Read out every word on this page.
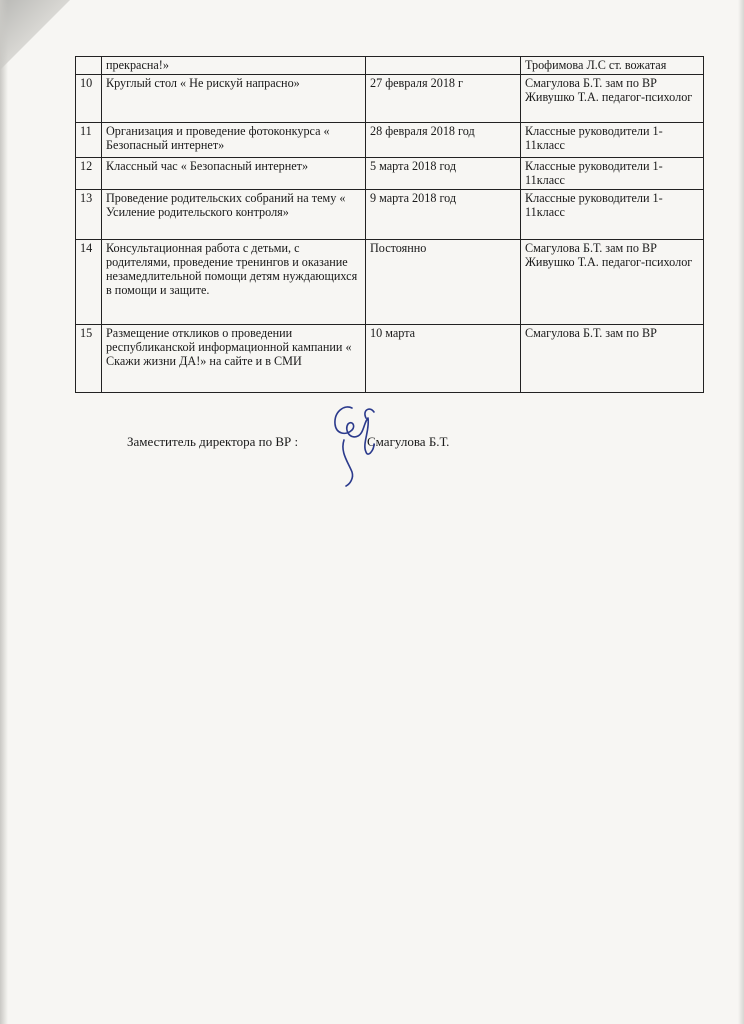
	прекрасна!»		Трофимова Л.С ст. вожатая
10	Круглый стол « Не рискуй напрасно»	27 февраля 2018 г	Смагулова Б.Т. зам по ВР Живушко Т.А. педагог-психолог
11	Организация и проведение фотоконкурса « Безопасный интернет»	28 февраля 2018 год	Классные руководители 1-11класс
12	Классный час « Безопасный интернет»	5 марта 2018 год	Классные руководители 1-11класс
13	Проведение родительских собраний на тему « Усиление родительского контроля»	9 марта 2018 год	Классные руководители 1-11класс
14	Консультационная работа с детьми, с родителями, проведение тренингов и оказание незамедлительной помощи детям нуждающихся в помощи и защите.	Постоянно	Смагулова Б.Т. зам по ВР Живушко Т.А. педагог-психолог
15	Размещение откликов о проведении республиканской информационной кампании « Скажи жизни ДА!» на сайте и в СМИ	10 марта	Смагулова Б.Т. зам по ВР
Заместитель директора по ВР :	Смагулова Б.Т.
